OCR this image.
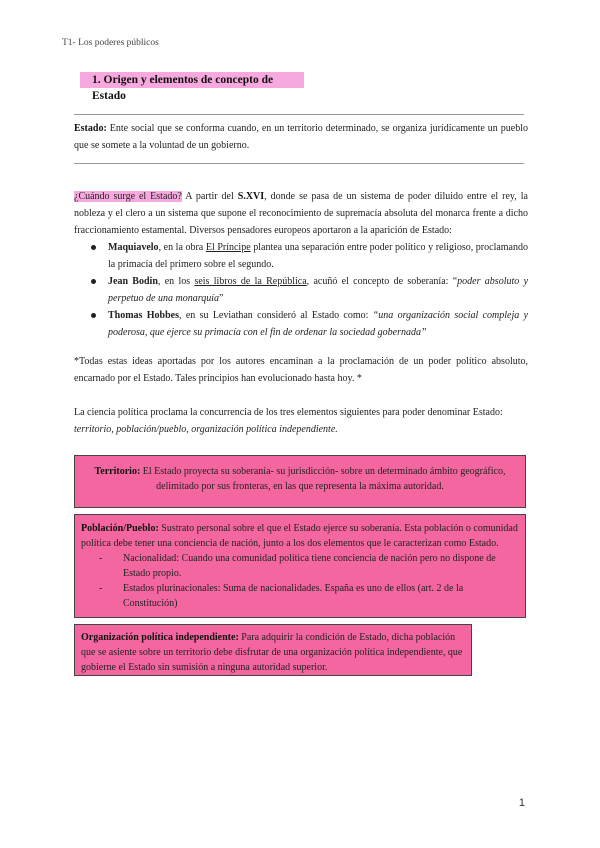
T1- Los poderes públicos
1. Origen y elementos de concepto de Estado
Estado: Ente social que se conforma cuando, en un territorio determinado, se organiza jurídicamente un pueblo que se somete a la voluntad de un gobierno.
¿Cuándo surge el Estado? A partir del S.XVI, donde se pasa de un sistema de poder diluido entre el rey, la nobleza y el clero a un sistema que supone el reconocimiento de supremacía absoluta del monarca frente a dicho fraccionamiento estamental. Diversos pensadores europeos aportaron a la aparición de Estado:
Maquiavelo, en la obra El Príncipe plantea una separación entre poder político y religioso, proclamando la primacía del primero sobre el segundo.
Jean Bodin, en los seis libros de la República, acuñó el concepto de soberanía: “poder absoluto y perpetuo de una monarquía”
Thomas Hobbes, en su Leviathan consideró al Estado como: “una organización social compleja y poderosa, que ejerce su primacía con el fin de ordenar la sociedad gobernada”
*Todas estas ideas aportadas por los autores encaminan a la proclamación de un poder político absoluto, encarnado por el Estado. Tales principios han evolucionado hasta hoy. *
La ciencia política proclama la concurrencia de los tres elementos siguientes para poder denominar Estado:
territorio, población/pueblo, organización política independiente.
Territorio: El Estado proyecta su soberanía- su jurisdicción- sobre un determinado ámbito geográfico, delimitado por sus fronteras, en las que representa la máxima autoridad.
Población/Pueblo: Sustrato personal sobre el que el Estado ejerce su soberanía. Esta población o comunidad política debe tener una conciencia de nación, junto a los dos elementos que le caracterizan como Estado.
- Nacionalidad: Cuando una comunidad política tiene conciencia de nación pero no dispone de Estado propio.
- Estados plurinacionales: Suma de nacionalidades. España es uno de ellos (art. 2 de la Constitución)
Organización política independiente: Para adquirir la condición de Estado, dicha población que se asiente sobre un territorio debe disfrutar de una organización política independiente, que gobierne el Estado sin sumisión a ninguna autoridad superior.
1
